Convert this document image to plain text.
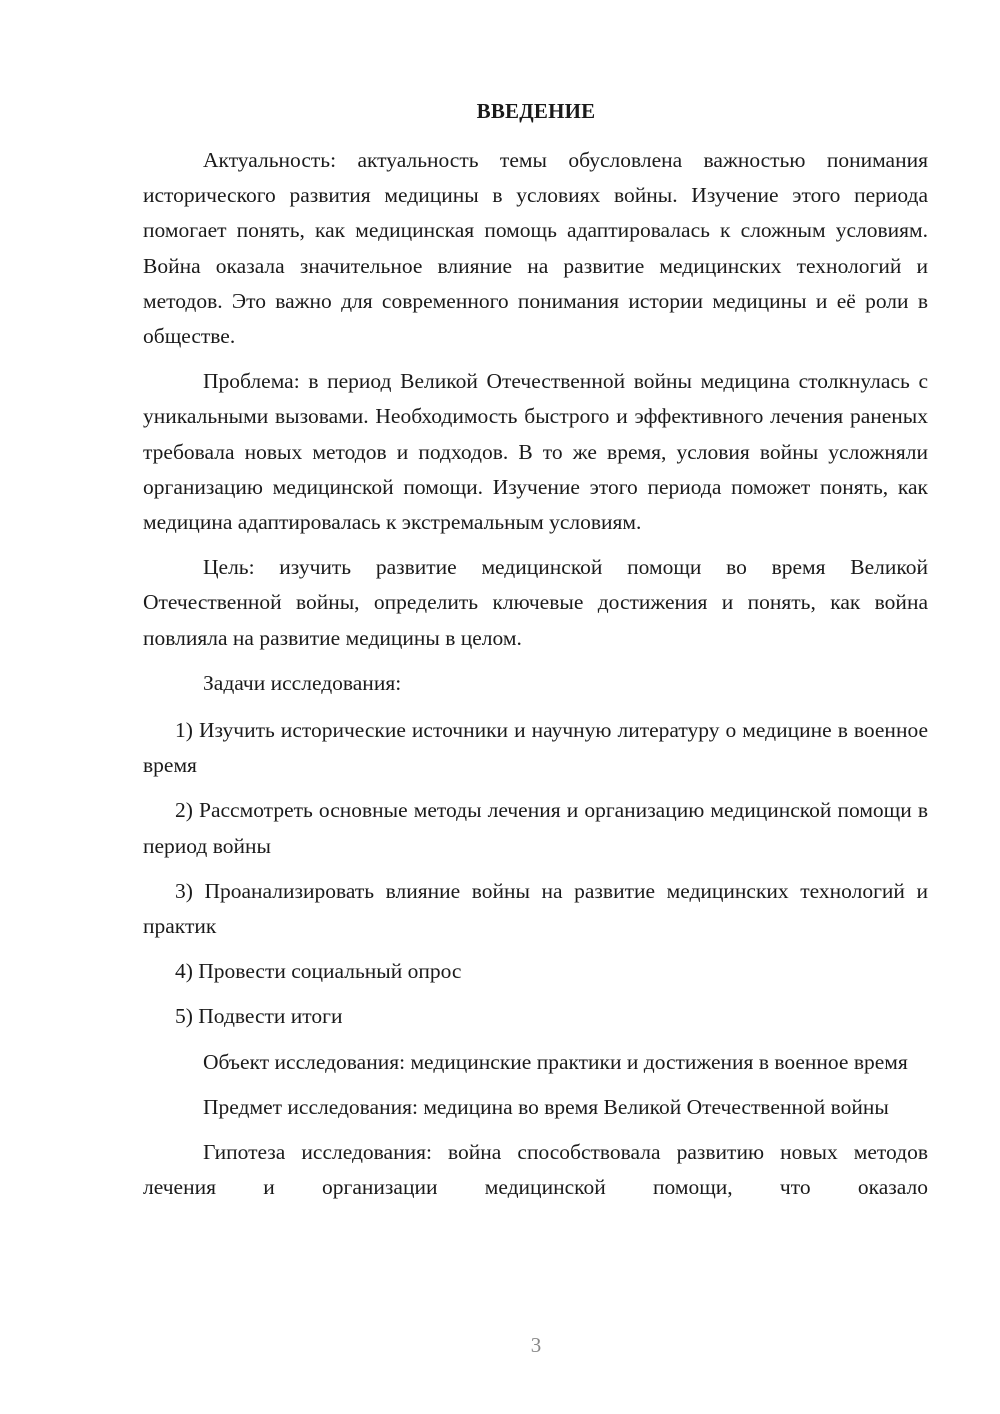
ВВЕДЕНИЕ

Актуальность: актуальность темы обусловлена важностью понимания исторического развития медицины в условиях войны. Изучение этого периода помогает понять, как медицинская помощь адаптировалась к сложным условиям. Война оказала значительное влияние на развитие медицинских технологий и методов. Это важно для современного понимания истории медицины и её роли в обществе.

Проблема: в период Великой Отечественной войны медицина столкнулась с уникальными вызовами. Необходимость быстрого и эффективного лечения раненых требовала новых методов и подходов. В то же время, условия войны усложняли организацию медицинской помощи. Изучение этого периода поможет понять, как медицина адаптировалась к экстремальным условиям.

Цель: изучить развитие медицинской помощи во время Великой Отечественной войны, определить ключевые достижения и понять, как война повлияла на развитие медицины в целом.

Задачи исследования:

1) Изучить исторические источники и научную литературу о медицине в военное время

2) Рассмотреть основные методы лечения и организацию медицинской помощи в период войны

3) Проанализировать влияние войны на развитие медицинских технологий и практик

4) Провести социальный опрос

5) Подвести итоги

Объект исследования: медицинские практики и достижения в военное время

Предмет исследования: медицина во время Великой Отечественной войны

Гипотеза исследования: война способствовала развитию новых методов лечения и организации медицинской помощи, что оказало

3
